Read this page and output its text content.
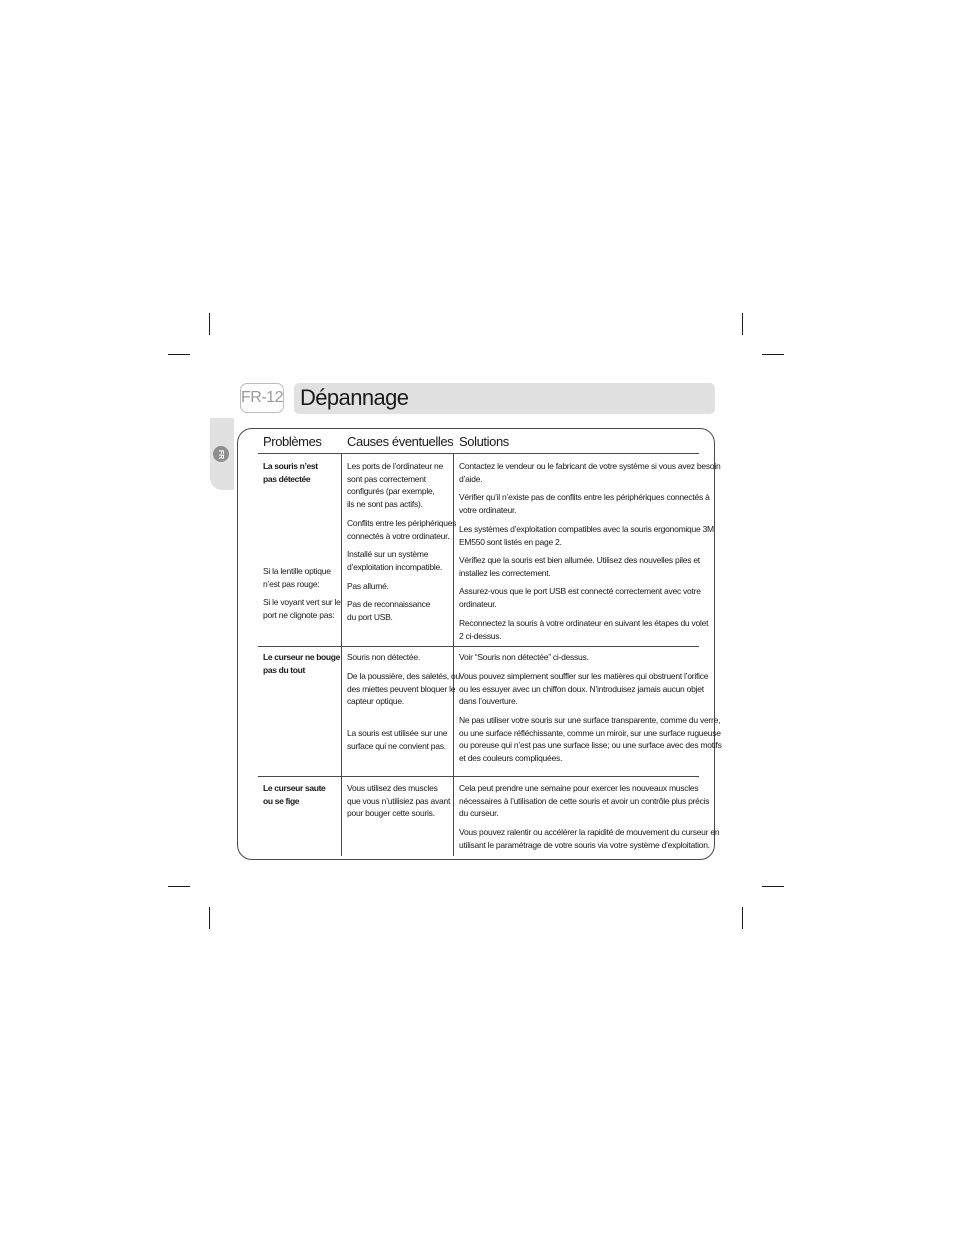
FR-12 Dépannage
FR
Problèmes Causes éventuelles Solutions
La souris n’est
pas détectée
Si la lentille optique
n’est pas rouge:
Si le voyant vert sur le
port ne clignote pas:
Les ports de l’ordinateur ne
sont pas correctement
configurés (par exemple,
ils ne sont pas actifs).
Conflits entre les périphériques
connectés à votre ordinateur.
Installé sur un système
d’exploitation incompatible.
Pas allumé.
Pas de reconnaissance
du port USB.
Contactez le vendeur ou le fabricant de votre système si vous avez besoin
d’aide.
Vérifier qu’il n’existe pas de conflits entre les périphériques connectés à
votre ordinateur.
Les systèmes d’exploitation compatibles avec la souris ergonomique 3M
EM550 sont listés en page 2.
Vérifiez que la souris est bien allumée. Utilisez des nouvelles piles et
installez les correctement.
Assurez-vous que le port USB est connecté correctement avec votre
ordinateur.
Reconnectez la souris à votre ordinateur en suivant les étapes du volet
2 ci-dessus.
Le curseur ne bouge
pas du tout
Souris non détectée.
De la poussière, des saletés, ou
des miettes peuvent bloquer le
capteur optique.
La souris est utilisée sur une
surface qui ne convient pas.
Voir “Souris non détectée” ci-dessus.
Vous pouvez simplement souffler sur les matières qui obstruent l’orifice
ou les essuyer avec un chiffon doux. N’introduisez jamais aucun objet
dans l’ouverture.
Ne pas utiliser votre souris sur une surface transparente, comme du verre,
ou une surface réfléchissante, comme un miroir, sur une surface rugueuse
ou poreuse qui n’est pas une surface lisse; ou une surface avec des motifs
et des couleurs compliquées.
Le curseur saute
ou se fige
Vous utilisez des muscles
que vous n’utilisiez pas avant
pour bouger cette souris.
Cela peut prendre une semaine pour exercer les nouveaux muscles
nécessaires à l’utilisation de cette souris et avoir un contrôle plus précis
du curseur.
Vous pouvez ralentir ou accélérer la rapidité de mouvement du curseur en
utilisant le paramétrage de votre souris via votre système d’exploitation.
